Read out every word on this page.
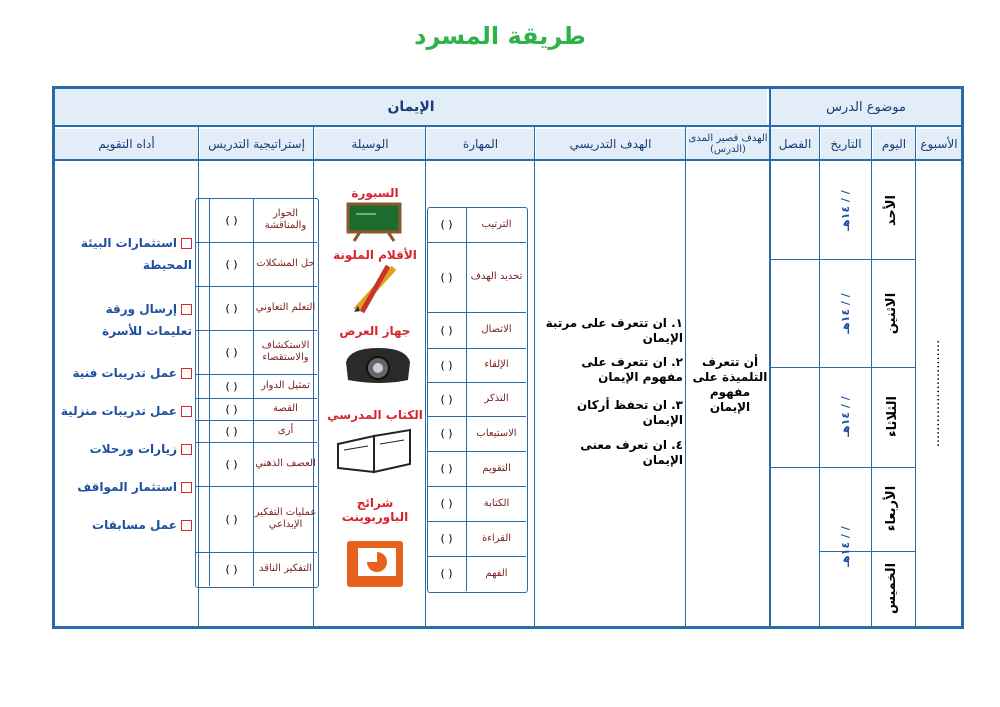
طريقة المسرد
الإيمان	موضوع الدرس
الأسبوع
اليوم
التاريخ
الفصل
الهدف قصير المدى (الدرس)
الهدف التدريسي
المهارة
الوسيلة
إستراتيجية التدريس
أداه التقويم
..........................
الأحد
الاثنين
الثلاثاء
الأربعاء
الخميس
/ / ١٤هـ
/ / ١٤هـ
/ / ١٤هـ
/ / ١٤هـ
أن تتعرف التلميذة على مفهوم الإيمان
١. ان تتعرف على مرتبة الإيمان
٢. ان تتعرف على مفهوم الإيمان
٣. ان تحفظ أركان الإيمان
٤. ان تعرف معنى الإيمان
الترتيب
تحديد الهدف
الاتصال
الإلقاء
التذكر
الاستيعاب
التقويم
الكتابة
القراءة
الفهم
( )
( )
( )
( )
( )
( )
( )
( )
( )
( )
السبورة
الأقلام الملونة
جهاز العرض
الكتاب المدرسي
شرائح الباوربوينت
الحوار والمناقشة
حل المشكلات
التعلم التعاوني
الاستكشاف والاستقصاء
تمثيل الدوار
القصة
أرى
العصف الذهني
عمليات التفكير الإبداعي
التفكير الناقد
( )
( )
( )
( )
( )
( )
( )
( )
( )
( )
استثمارات البيئة المحيطة
إرسال ورقة تعليمات للأسرة
عمل تدريبات فنية
عمل تدريبات منزلية
زيارات ورحلات
استثمار المواقف
عمل مسابقات
